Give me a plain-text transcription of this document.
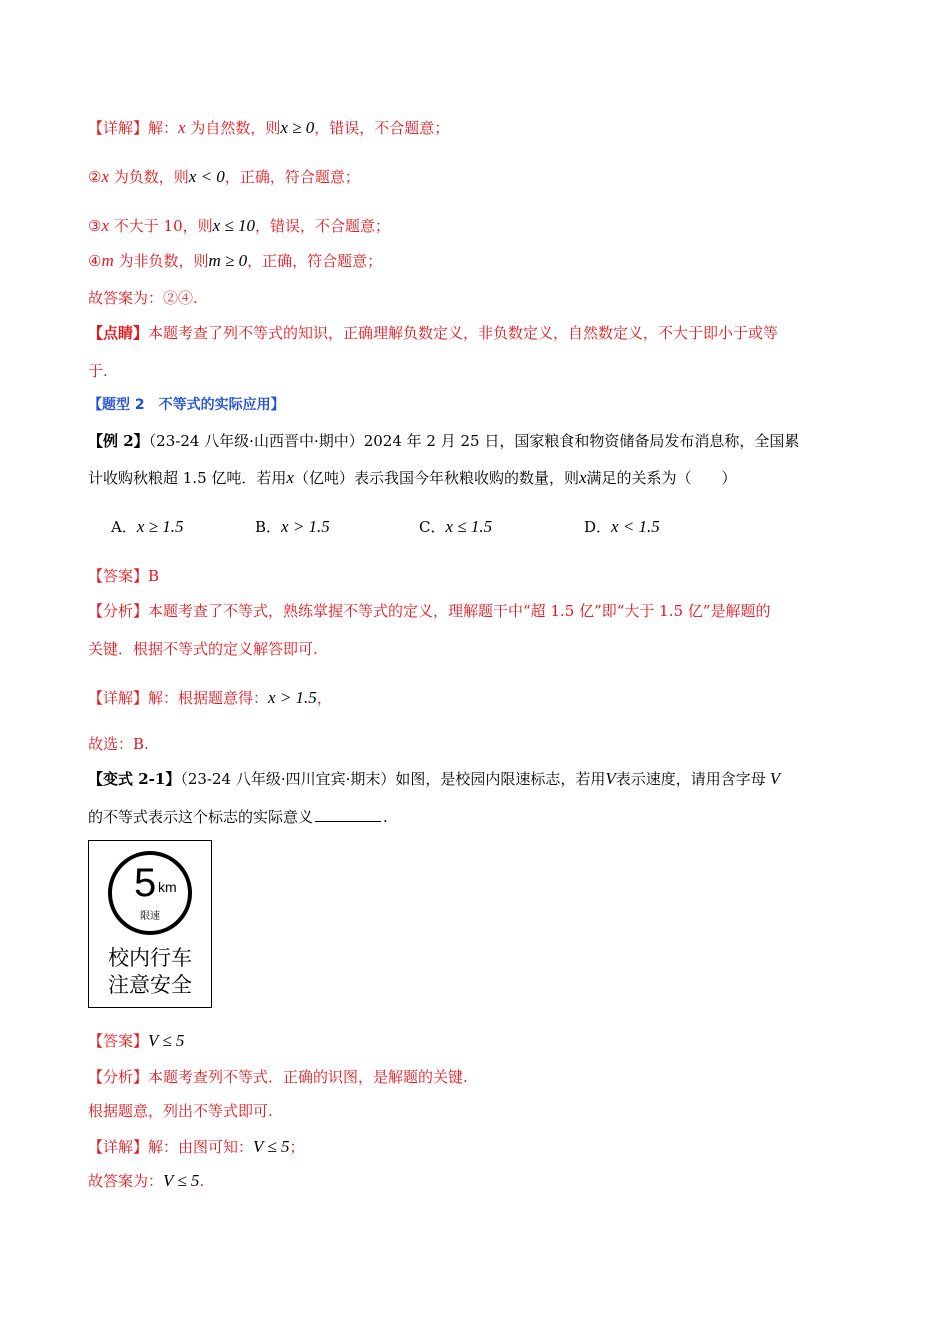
【详解】解：x 为自然数，则x ≥ 0，错误，不合题意；
②x 为负数，则x < 0，正确，符合题意；
③x 不大于 10，则x ≤ 10，错误，不合题意；
④m 为非负数，则m ≥ 0，正确，符合题意；
故答案为：②④.
【点睛】本题考查了列不等式的知识，正确理解负数定义，非负数定义，自然数定义，不大于即小于或等
于.
【题型 2　不等式的实际应用】
【例 2】（23-24 八年级·山西晋中·期中）2024 年 2 月 25 日，国家粮食和物资储备局发布消息称，全国累
计收购秋粮超 1.5 亿吨．若用x（亿吨）表示我国今年秋粮收购的数量，则x满足的关系为（　　）
A．x ≥ 1.5	B．x > 1.5	C．x ≤ 1.5	D．x < 1.5
【答案】B
【分析】本题考查了不等式，熟练掌握不等式的定义，理解题干中“超 1.5 亿”即“大于 1.5 亿”是解题的
关键．根据不等式的定义解答即可.
【详解】解：根据题意得：x > 1.5，
故选：B.
【变式 2-1】（23-24 八年级·四川宜宾·期末）如图，是校园内限速标志，若用V表示速度，请用含字母 V
的不等式表示这个标志的实际意义	.
5 km
限速
校内行车
注意安全
【答案】V ≤ 5
【分析】本题考查列不等式．正确的识图，是解题的关键.
根据题意，列出不等式即可.
【详解】解：由图可知：V ≤ 5；
故答案为：V ≤ 5.
